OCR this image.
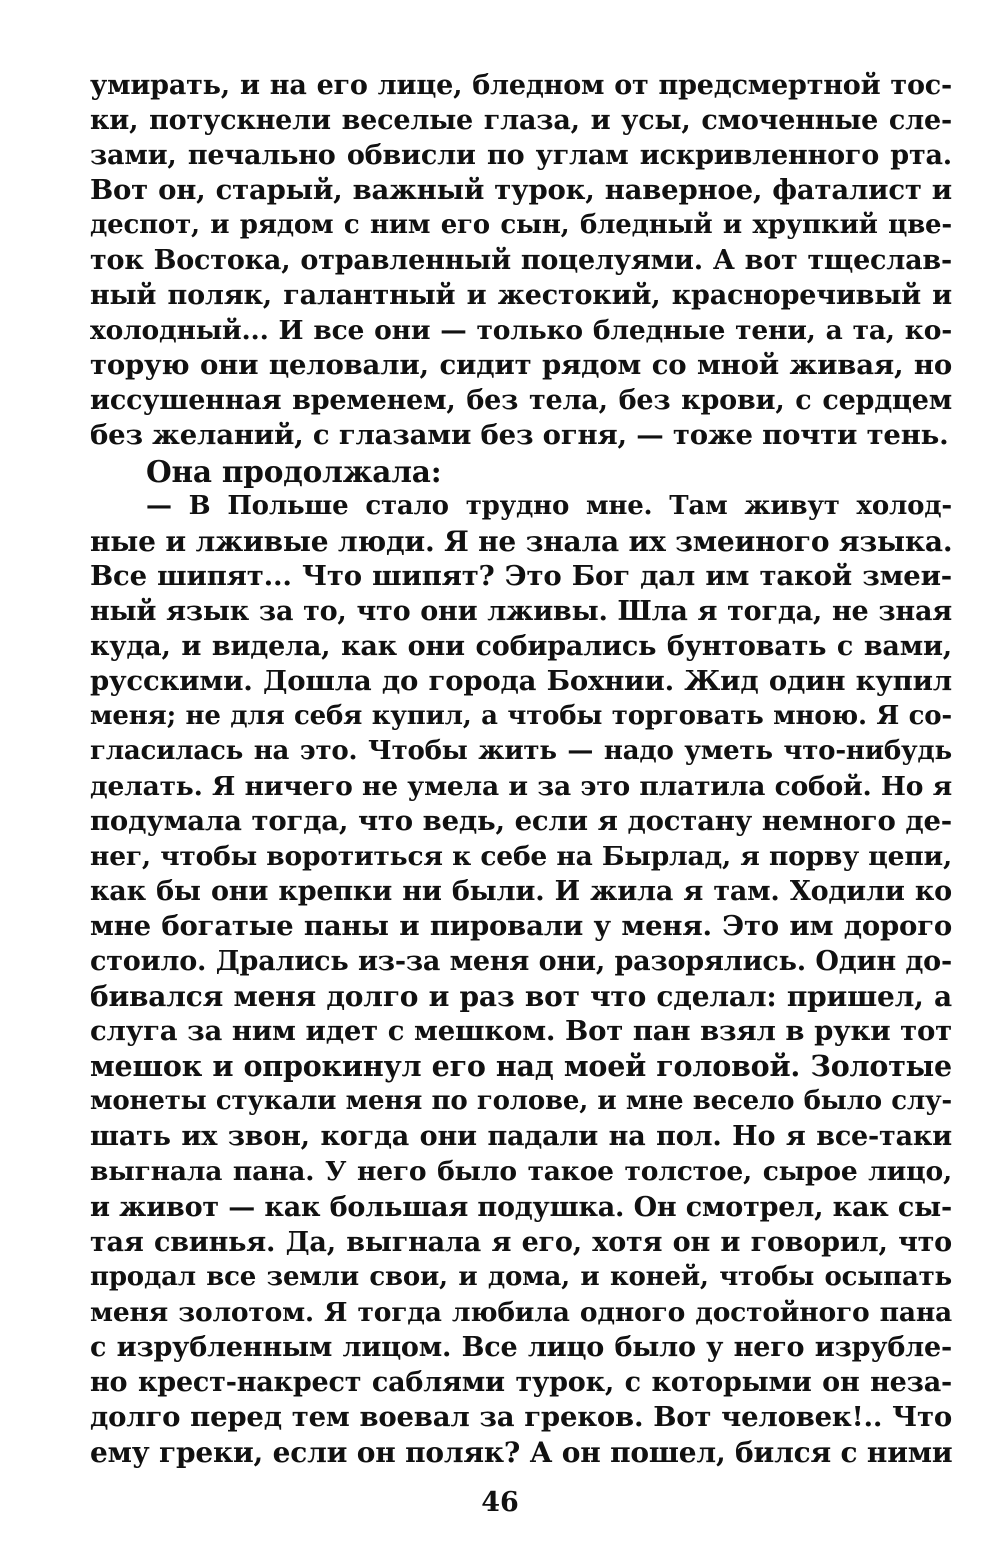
умирать, и на его лице, бледном от предсмертной тос-
ки, потускнели веселые глаза, и усы, смоченные сле-
зами, печально обвисли по углам искривленного рта.
Вот он, старый, важный турок, наверное, фаталист и
деспот, и рядом с ним его сын, бледный и хрупкий цве-
ток Востока, отравленный поцелуями. А вот тщеслав-
ный поляк, галантный и жестокий, красноречивый и
холодный... И все они — только бледные тени, а та, ко-
торую они целовали, сидит рядом со мной живая, но
иссушенная временем, без тела, без крови, с сердцем
без желаний, с глазами без огня, — тоже почти тень.
Она продолжала:
— В Польше стало трудно мне. Там живут холод-
ные и лживые люди. Я не знала их змеиного языка.
Все шипят... Что шипят? Это Бог дал им такой змеи-
ный язык за то, что они лживы. Шла я тогда, не зная
куда, и видела, как они собирались бунтовать с вами,
русскими. Дошла до города Бохнии. Жид один купил
меня; не для себя купил, а чтобы торговать мною. Я со-
гласилась на это. Чтобы жить — надо уметь что-нибудь
делать. Я ничего не умела и за это платила собой. Но я
подумала тогда, что ведь, если я достану немного де-
нег, чтобы воротиться к себе на Бырлад, я порву цепи,
как бы они крепки ни были. И жила я там. Ходили ко
мне богатые паны и пировали у меня. Это им дорого
стоило. Дрались из-за меня они, разорялись. Один до-
бивался меня долго и раз вот что сделал: пришел, а
слуга за ним идет с мешком. Вот пан взял в руки тот
мешок и опрокинул его над моей головой. Золотые
монеты стукали меня по голове, и мне весело было слу-
шать их звон, когда они падали на пол. Но я все-таки
выгнала пана. У него было такое толстое, сырое лицо,
и живот — как большая подушка. Он смотрел, как сы-
тая свинья. Да, выгнала я его, хотя он и говорил, что
продал все земли свои, и дома, и коней, чтобы осыпать
меня золотом. Я тогда любила одного достойного пана
с изрубленным лицом. Все лицо было у него изрубле-
но крест-накрест саблями турок, с которыми он неза-
долго перед тем воевал за греков. Вот человек!.. Что
ему греки, если он поляк? А он пошел, бился с ними
46
